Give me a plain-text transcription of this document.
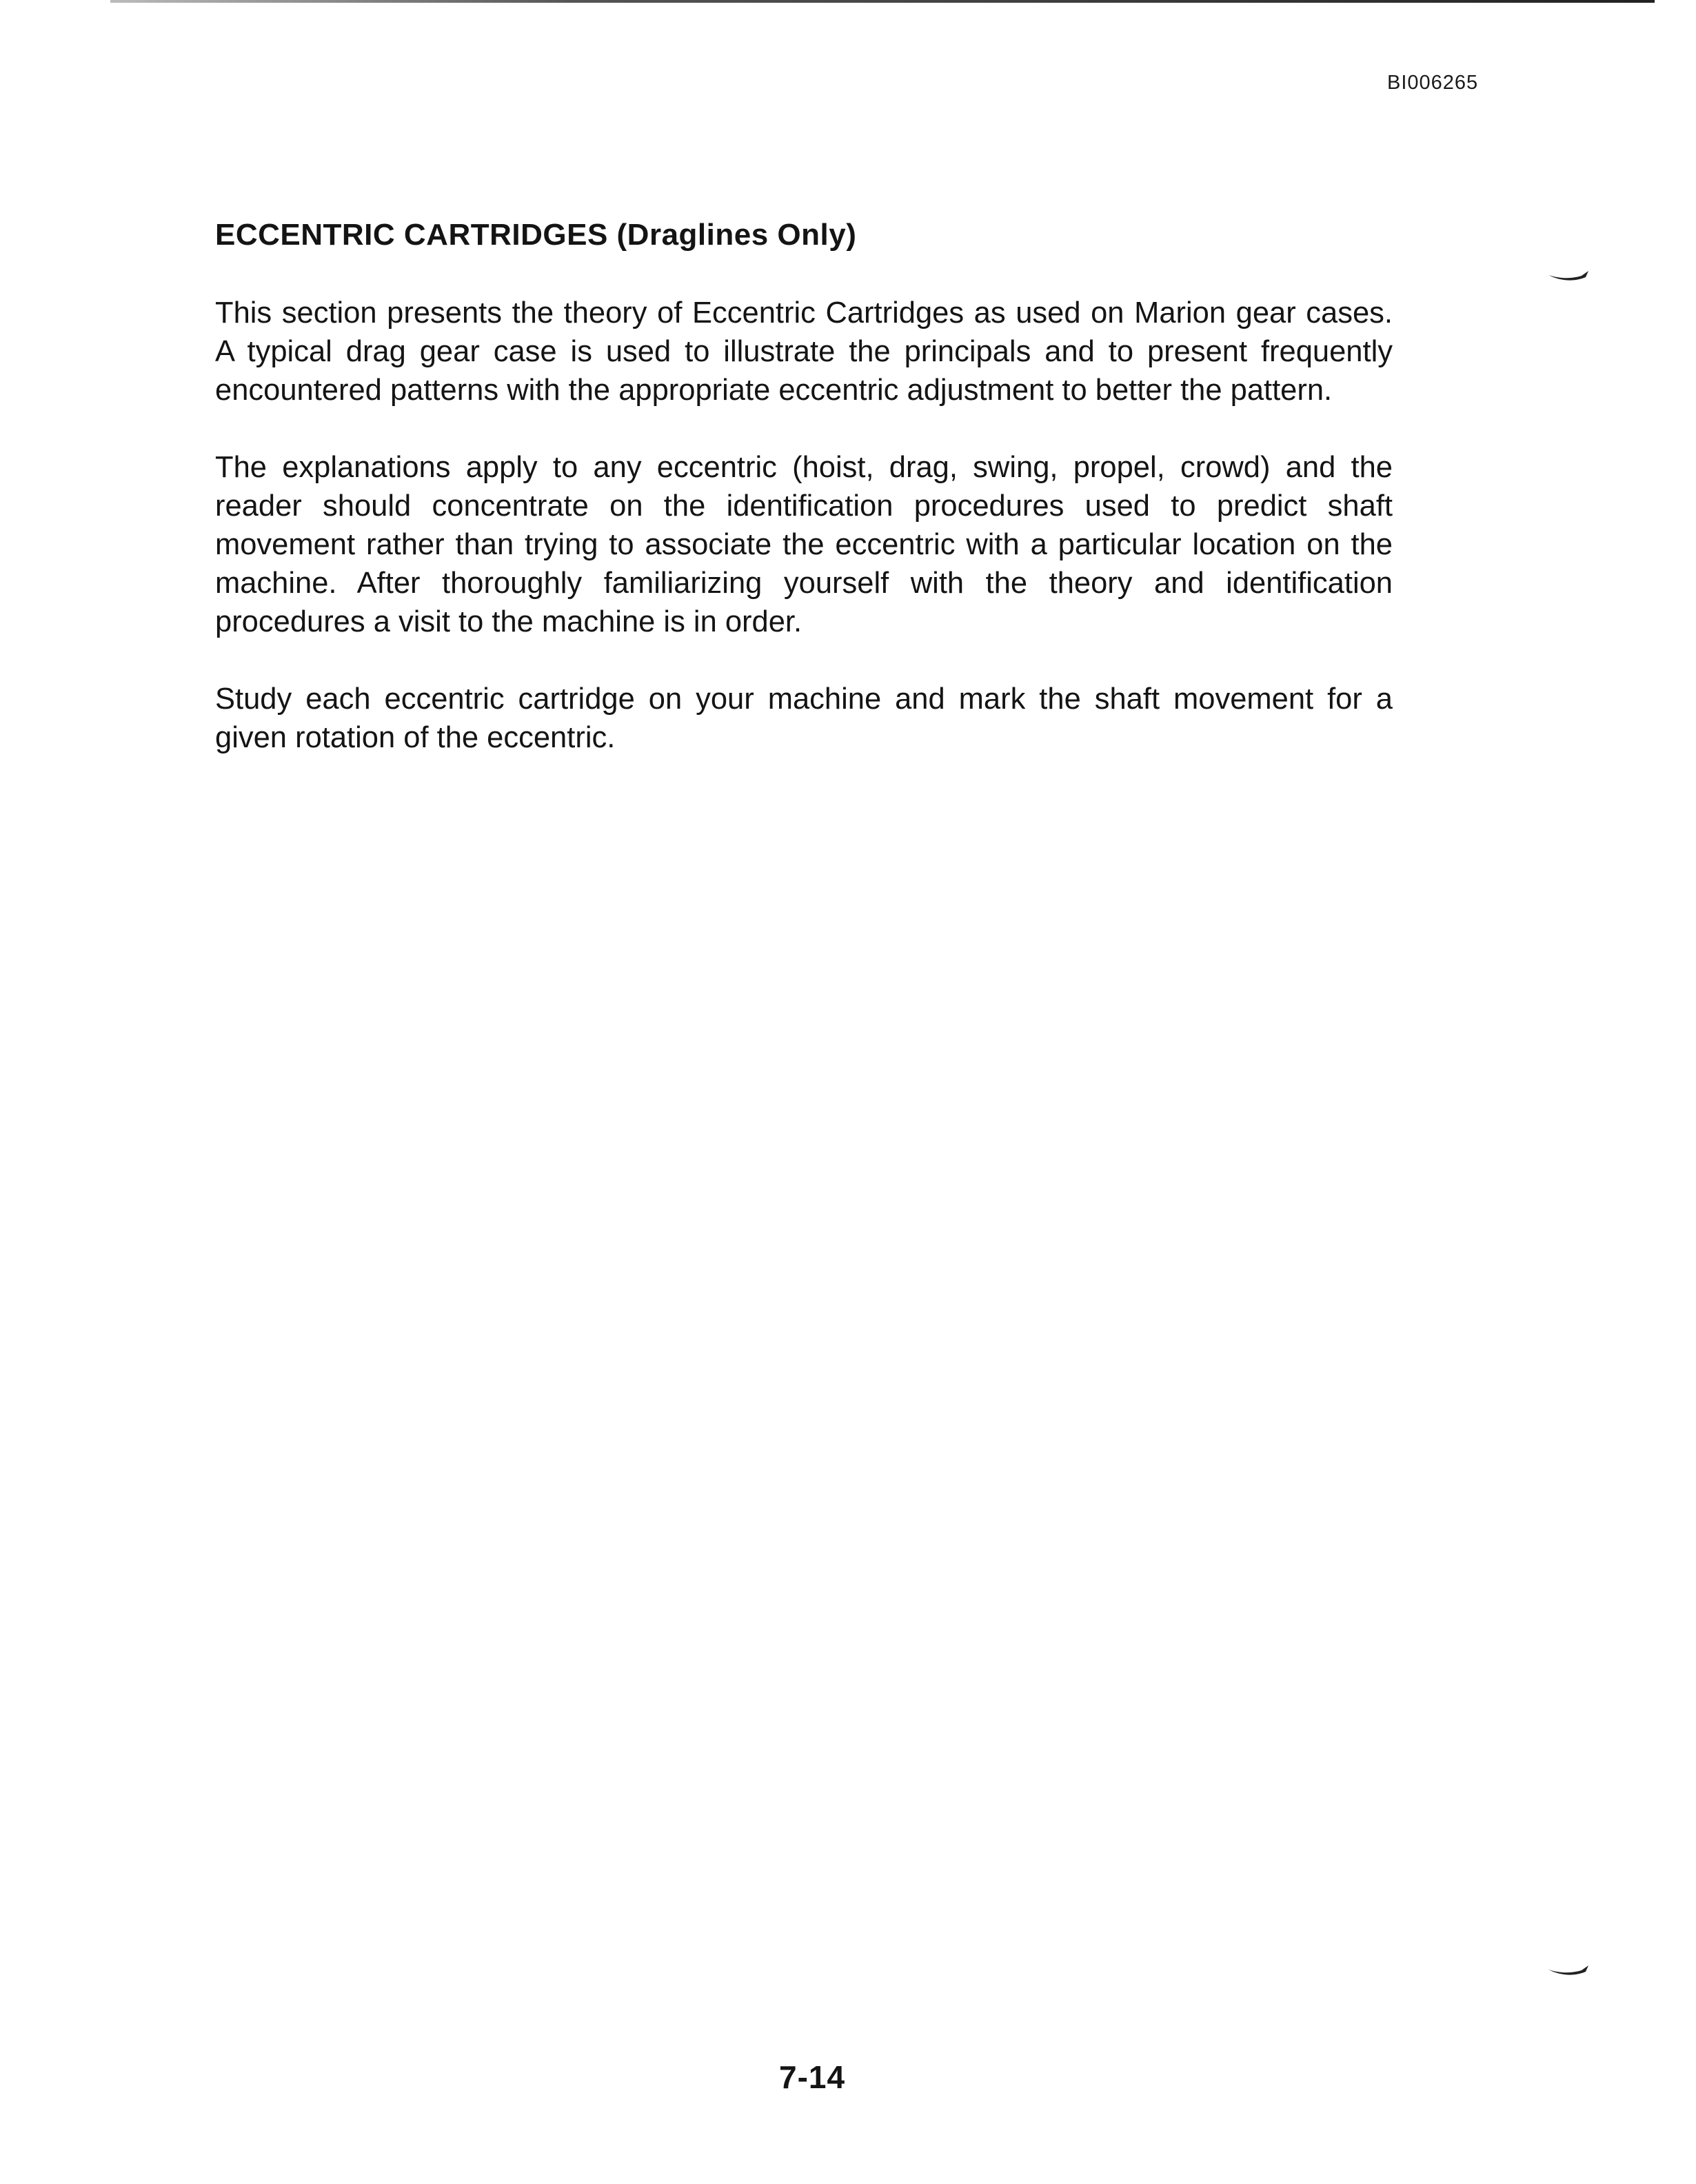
BI006265
ECCENTRIC CARTRIDGES (Draglines Only)

This section presents the theory of Eccentric Cartridges as used on Marion gear cases. A typical drag gear case is used to illustrate the principals and to present frequently encountered patterns with the appropriate eccentric adjustment to better the pattern.

The explanations apply to any eccentric (hoist, drag, swing, propel, crowd) and the reader should concentrate on the identification procedures used to predict shaft movement rather than trying to associate the eccentric with a particular location on the machine. After thoroughly familiarizing yourself with the theory and identification procedures a visit to the machine is in order.

Study each eccentric cartridge on your machine and mark the shaft movement for a given rotation of the eccentric.

7-14
